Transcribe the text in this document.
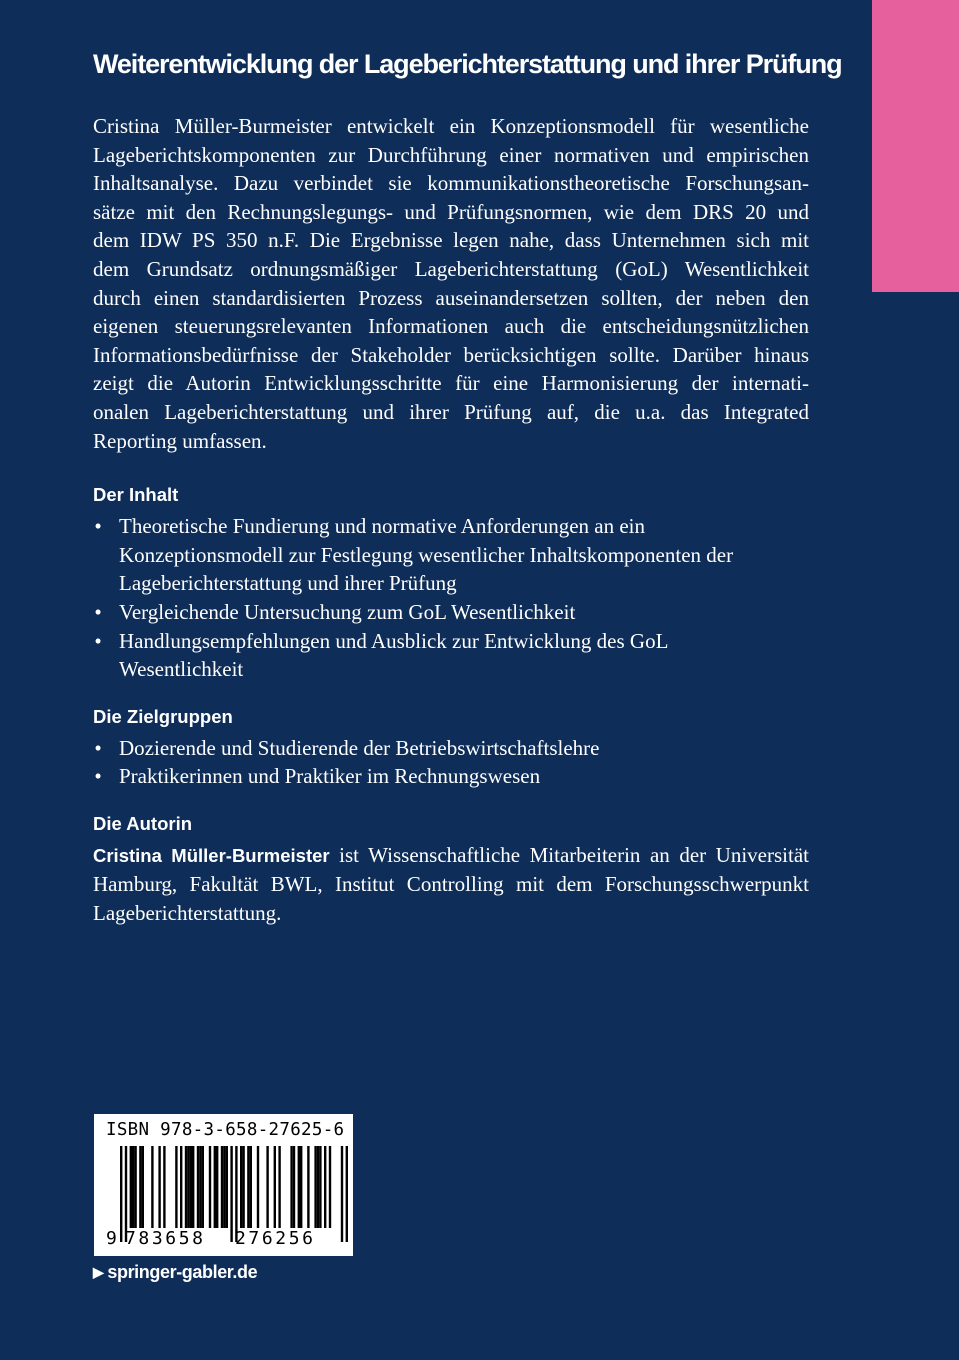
Weiterentwicklung der Lageberichterstattung und ihrer Prüfung

Cristina Müller-Burmeister entwickelt ein Konzeptionsmodell für wesentliche
Lageberichtskomponenten zur Durchführung einer normativen und empirischen
Inhaltsanalyse. Dazu verbindet sie kommunikationstheoretische Forschungsan-
sätze mit den Rechnungslegungs- und Prüfungsnormen, wie dem DRS 20 und
dem IDW PS 350 n.F. Die Ergebnisse legen nahe, dass Unternehmen sich mit
dem Grundsatz ordnungsmäßiger Lageberichterstattung (GoL) Wesentlichkeit
durch einen standardisierten Prozess auseinandersetzen sollten, der neben den
eigenen steuerungsrelevanten Informationen auch die entscheidungsnützlichen
Informationsbedürfnisse der Stakeholder berücksichtigen sollte. Darüber hinaus
zeigt die Autorin Entwicklungsschritte für eine Harmonisierung der internati-
onalen Lageberichterstattung und ihrer Prüfung auf, die u.a. das Integrated
Reporting umfassen.

Der Inhalt
• Theoretische Fundierung und normative Anforderungen an ein
Konzeptionsmodell zur Festlegung wesentlicher Inhaltskomponenten der
Lageberichterstattung und ihrer Prüfung
• Vergleichende Untersuchung zum GoL Wesentlichkeit
• Handlungsempfehlungen und Ausblick zur Entwicklung des GoL
Wesentlichkeit
Die Zielgruppen
• Dozierende und Studierende der Betriebswirtschaftslehre
• Praktikerinnen und Praktiker im Rechnungswesen
Die Autorin

Cristina Müller-Burmeister ist Wissenschaftliche Mitarbeiterin an der Universität
Hamburg, Fakultät BWL, Institut Controlling mit dem Forschungsschwerpunkt
Lageberichterstattung.

ISBN 978-3-658-27625-6
9 783658 276256
▶ springer-gabler.de
